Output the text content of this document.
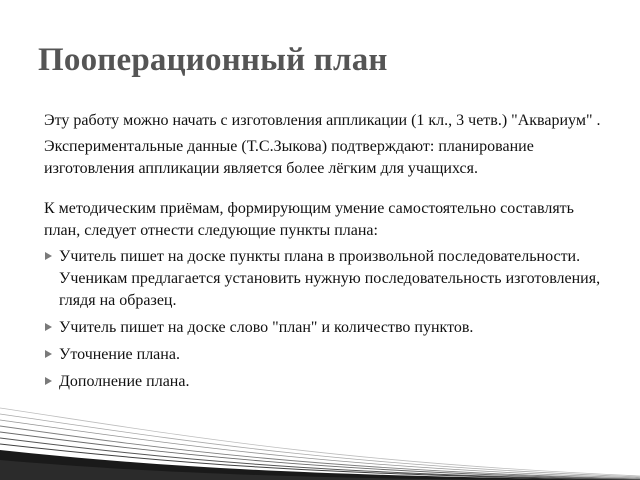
Пооперационный план

Эту работу можно начать с изготовления аппликации (1 кл., 3 четв.) "Аквариум" .

Экспериментальные данные (Т.С.Зыкова) подтверждают: планирование изготовления аппликации является более лёгким для учащихся.

К методическим приёмам, формирующим умение самостоятельно составлять план, следует отнести следующие пункты плана:

Учитель пишет на доске пункты плана в произвольной последовательности. Ученикам предлагается установить нужную последовательность изготовления, глядя на образец.
Учитель пишет на доске слово "план" и количество пунктов.
Уточнение плана.
Дополнение плана.
